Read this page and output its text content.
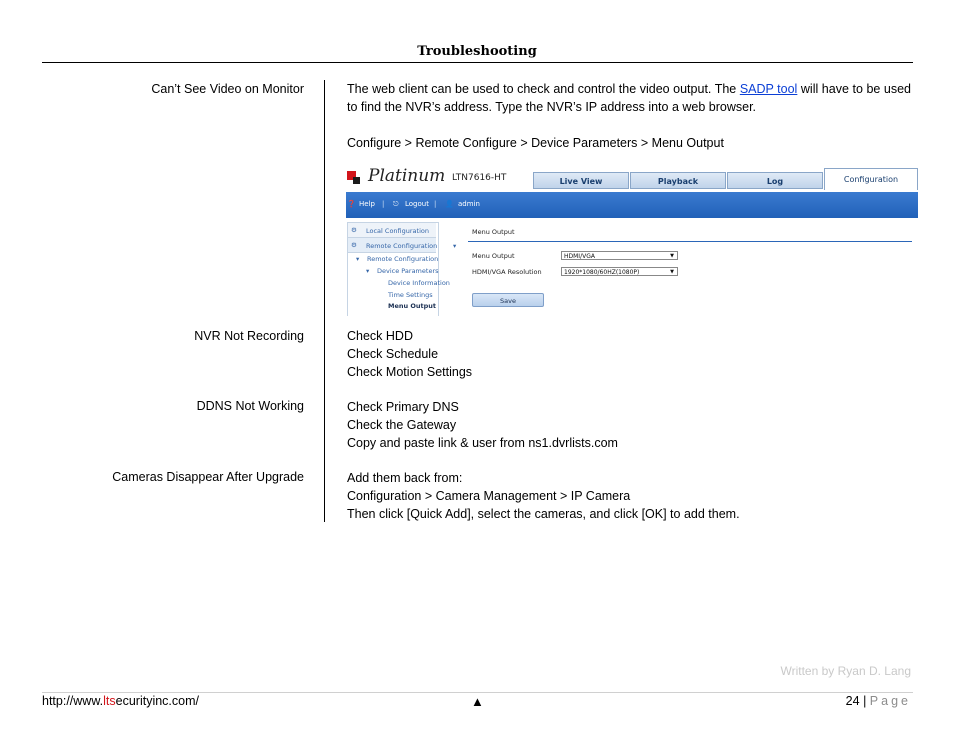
Troubleshooting
Can’t See Video on Monitor	The web client can be used to check and control the video output. The SADP tool will have to be used to find the NVR’s address. Type the NVR’s IP address into a web browser.
Configure > Remote Configure > Device Parameters > Menu Output
Platinum LTN7616-HT	Live View	Playback	Log	Configuration
❓ Help | ⎋ Logout | 👤 admin
⚙ Local Configuration
⚙ Remote Configuration ▾
▾ Remote Configuration
▾ Device Parameters
Device Information
Time Settings
Menu Output
Menu Output
Menu Output	HDMI/VGA	▼
HDMI/VGA Resolution	1920*1080/60HZ(1080P)	▼
Save
NVR Not Recording	Check HDD
Check Schedule
Check Motion Settings
DDNS Not Working	Check Primary DNS
Check the Gateway
Copy and paste link & user from ns1.dvrlists.com
Cameras Disappear After Upgrade	Add them back from:
Configuration > Camera Management > IP Camera
Then click [Quick Add], select the cameras, and click [OK] to add them.
Written by Ryan D. Lang
http://www.ltsecurityinc.com/	▲	24 | Page
